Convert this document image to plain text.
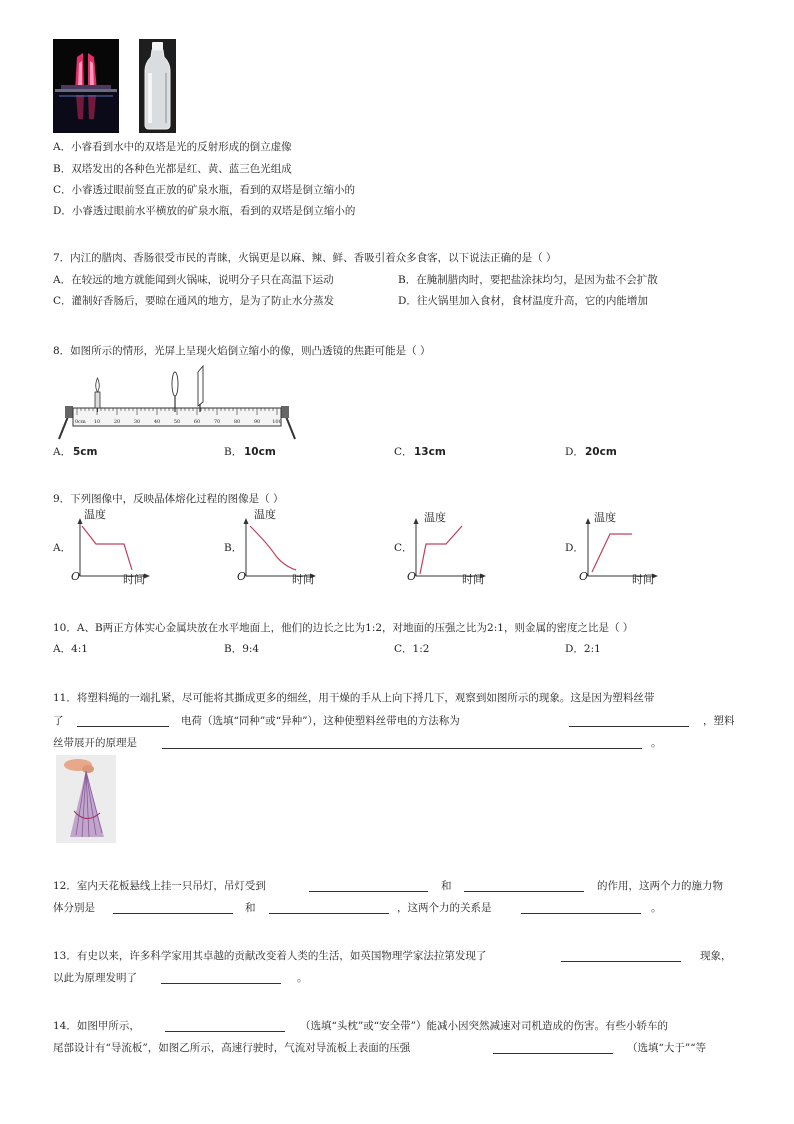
A．小睿看到水中的双塔是光的反射形成的倒立虚像
B．双塔发出的各种色光都是红、黄、蓝三色光组成
C．小睿透过眼前竖直正放的矿泉水瓶，看到的双塔是倒立缩小的
D．小睿透过眼前水平横放的矿泉水瓶，看到的双塔是倒立缩小的
7．内江的腊肉、香肠很受市民的青睐，火锅更是以麻、辣、鲜、香吸引着众多食客，以下说法正确的是（ ）
A．在较远的地方就能闻到火锅味，说明分子只在高温下运动	B．在腌制腊肉时，要把盐涂抹均匀，是因为盐不会扩散
C．灌制好香肠后，要晾在通风的地方，是为了防止水分蒸发	D．往火锅里加入食材，食材温度升高，它的内能增加
8．如图所示的情形，光屏上呈现火焰倒立缩小的像，则凸透镜的焦距可能是（ ）
0cm 10	20	30	40	50	60	70	80	90 100
A． 5cm	B． 10cm	C． 13cm	D． 20cm
9．下列图像中，反映晶体熔化过程的图像是（ ）
A．
温度
O	时间
B．
温度
O	时间
C．
温度
O	时间
D．
温度
O	时间
10．A、B两正方体实心金属块放在水平地面上，他们的边长之比为1:2，对地面的压强之比为2:1，则金属的密度之比是（ ）
A．4:1	B．9:4	C．1:2	D．2:1
11．将塑料绳的一端扎紧，尽可能将其撕成更多的细丝，用干燥的手从上向下捋几下，观察到如图所示的现象。这是因为塑料丝带
了	电荷（选填“同种”或“异种”），这种使塑料丝带电的方法称为	，塑料
丝带展开的原理是	。
12．室内天花板悬线上挂一只吊灯，吊灯受到	和	的作用，这两个力的施力物
体分别是	和	，这两个力的关系是	。
13．有史以来，许多科学家用其卓越的贡献改变着人类的生活，如英国物理学家法拉第发现了	现象，
以此为原理发明了	。
14．如图甲所示，	（选填“头枕”或“安全带”）能减小因突然减速对司机造成的伤害。有些小轿车的
尾部设计有“导流板”，如图乙所示，高速行驶时，气流对导流板上表面的压强	（选填“大于”“等
